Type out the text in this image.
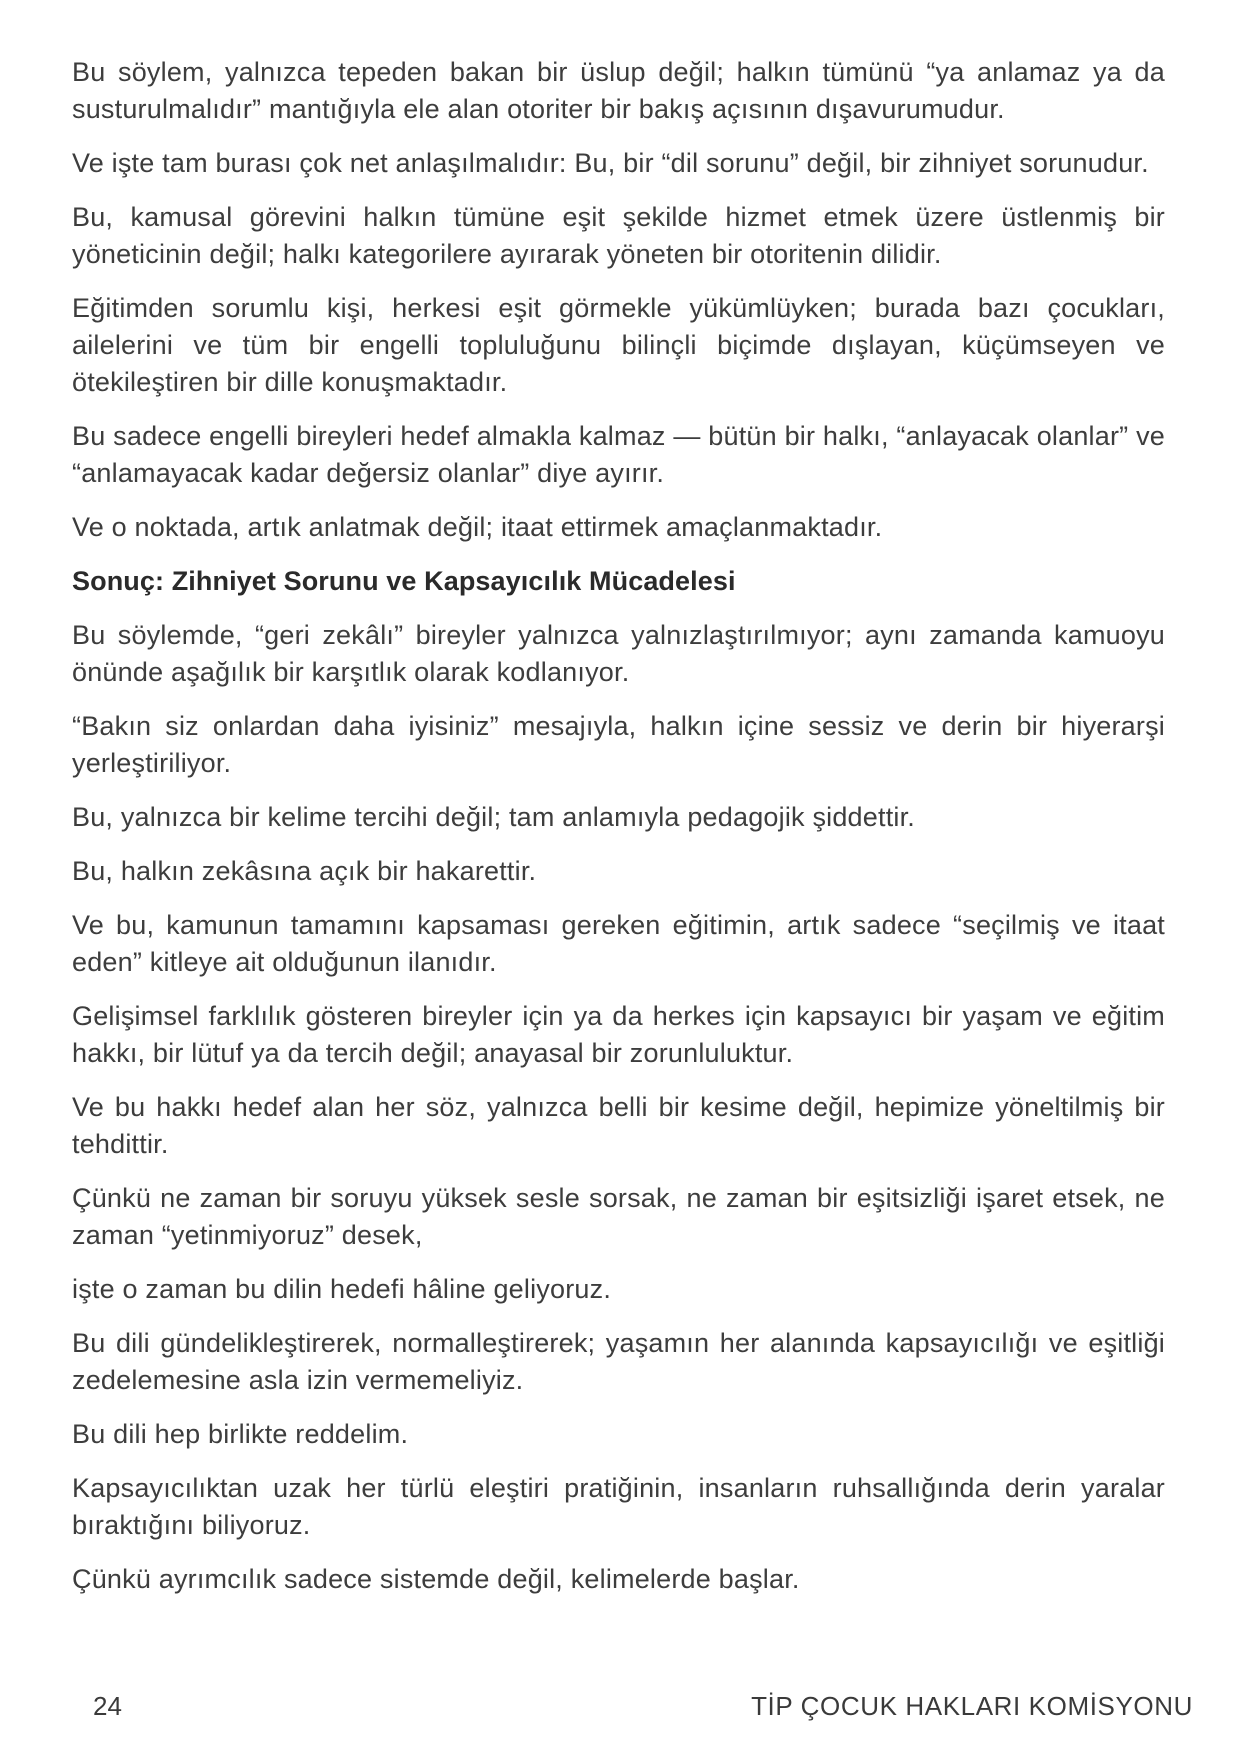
Bu söylem, yalnızca tepeden bakan bir üslup değil; halkın tümünü “ya anlamaz ya da susturulmalıdır” mantığıyla ele alan otoriter bir bakış açısının dışavurumudur.

Ve işte tam burası çok net anlaşılmalıdır: Bu, bir “dil sorunu” değil, bir zihniyet sorunudur.

Bu, kamusal görevini halkın tümüne eşit şekilde hizmet etmek üzere üstlenmiş bir yöneticinin değil; halkı kategorilere ayırarak yöneten bir otoritenin dilidir.

Eğitimden sorumlu kişi, herkesi eşit görmekle yükümlüyken; burada bazı çocukları, ailelerini ve tüm bir engelli topluluğunu bilinçli biçimde dışlayan, küçümseyen ve ötekileştiren bir dille konuşmaktadır.

Bu sadece engelli bireyleri hedef almakla kalmaz — bütün bir halkı, “anlayacak olanlar” ve “anlamayacak kadar değersiz olanlar” diye ayırır.

Ve o noktada, artık anlatmak değil; itaat ettirmek amaçlanmaktadır.

Sonuç: Zihniyet Sorunu ve Kapsayıcılık Mücadelesi

Bu söylemde, “geri zekâlı” bireyler yalnızca yalnızlaştırılmıyor; aynı zamanda kamuoyu önünde aşağılık bir karşıtlık olarak kodlanıyor.

“Bakın siz onlardan daha iyisiniz” mesajıyla, halkın içine sessiz ve derin bir hiyerarşi yerleştiriliyor.

Bu, yalnızca bir kelime tercihi değil; tam anlamıyla pedagojik şiddettir.

Bu, halkın zekâsına açık bir hakarettir.

Ve bu, kamunun tamamını kapsaması gereken eğitimin, artık sadece “seçilmiş ve itaat eden” kitleye ait olduğunun ilanıdır.

Gelişimsel farklılık gösteren bireyler için ya da herkes için kapsayıcı bir yaşam ve eğitim hakkı, bir lütuf ya da tercih değil; anayasal bir zorunluluktur.

Ve bu hakkı hedef alan her söz, yalnızca belli bir kesime değil, hepimize yöneltilmiş bir tehdittir.

Çünkü ne zaman bir soruyu yüksek sesle sorsak, ne zaman bir eşitsizliği işaret etsek, ne zaman “yetinmiyoruz” desek,

işte o zaman bu dilin hedefi hâline geliyoruz.

Bu dili gündelikleştirerek, normalleştirerek; yaşamın her alanında kapsayıcılığı ve eşitliği zedelemesine asla izin vermemeliyiz.

Bu dili hep birlikte reddelim.

Kapsayıcılıktan uzak her türlü eleştiri pratiğinin, insanların ruhsallığında derin yaralar bıraktığını biliyoruz.

Çünkü ayrımcılık sadece sistemde değil, kelimelerde başlar.

24	TİP ÇOCUK HAKLARI KOMİSYONU
